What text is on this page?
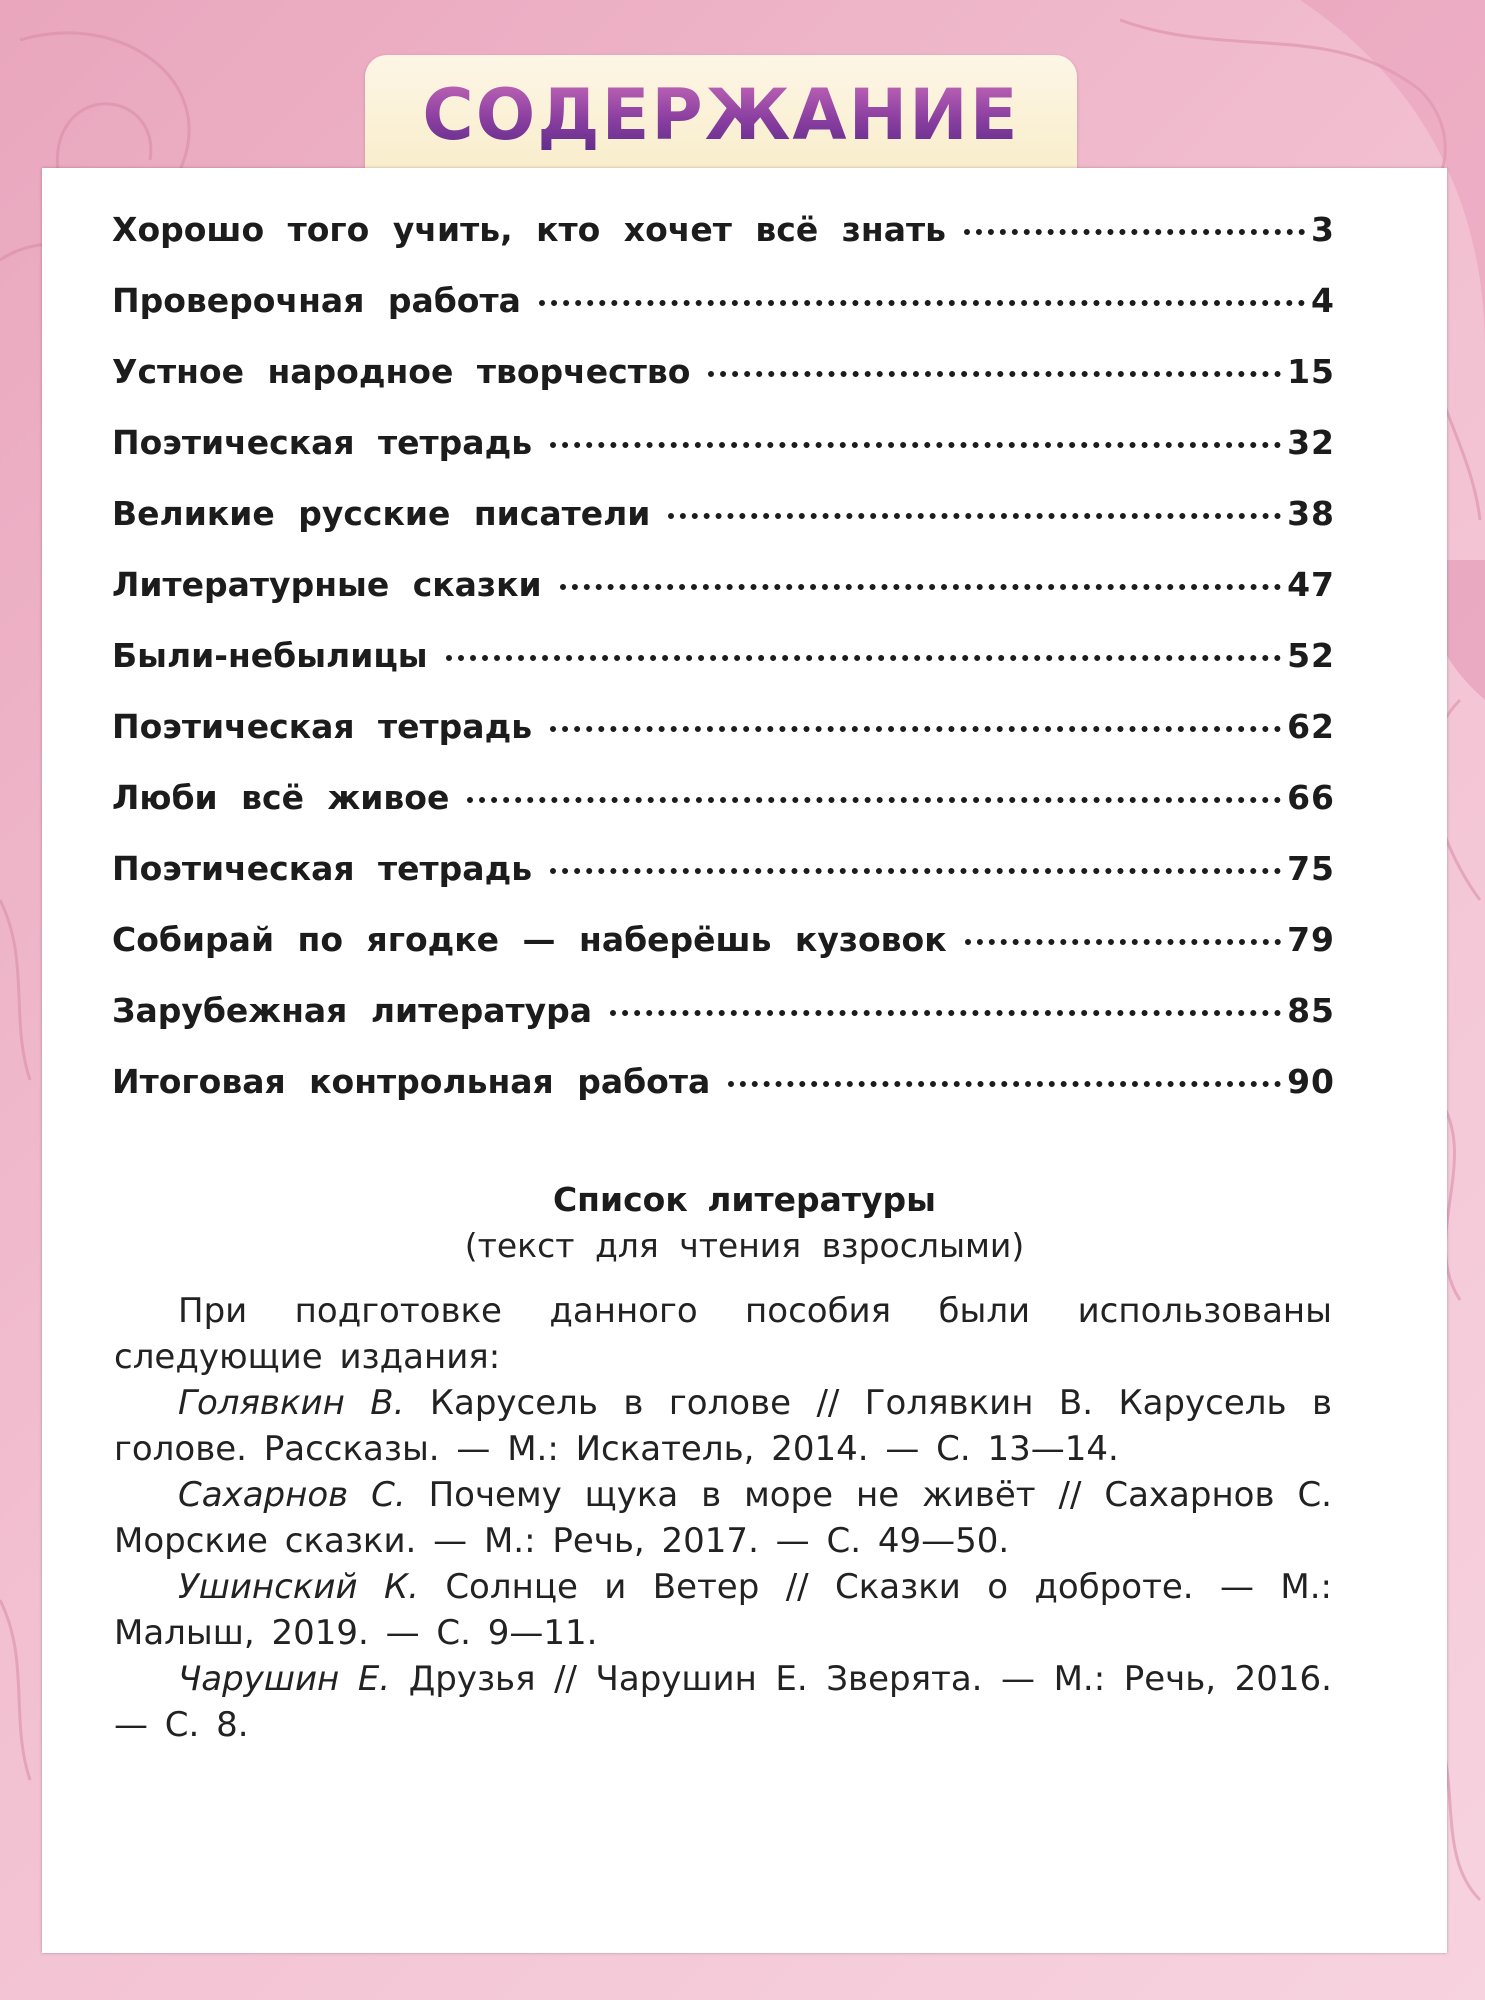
СОДЕРЖАНИЕ
Хорошо того учить, кто хочет всё знать	3
Проверочная работа	4
Устное народное творчество	15
Поэтическая тетрадь	32
Великие русские писатели	38
Литературные сказки	47
Были-небылицы	52
Поэтическая тетрадь	62
Люби всё живое	66
Поэтическая тетрадь	75
Собирай по ягодке — наберёшь кузовок	79
Зарубежная литература	85
Итоговая контрольная работа	90
Список литературы
(текст для чтения взрослыми)

При подготовке данного пособия были использованы следующие издания:

Голявкин В. Карусель в голове // Голявкин В. Карусель в голове. Рассказы. — М.: Искатель, 2014. — С. 13—14.

Сахарнов С. Почему щука в море не живёт // Сахарнов С. Морские сказки. — М.: Речь, 2017. — С. 49—50.

Ушинский К. Солнце и Ветер // Сказки о доброте. — М.: Малыш, 2019. — С. 9—11.

Чарушин Е. Друзья // Чарушин Е. Зверята. — М.: Речь, 2016. — С. 8.
